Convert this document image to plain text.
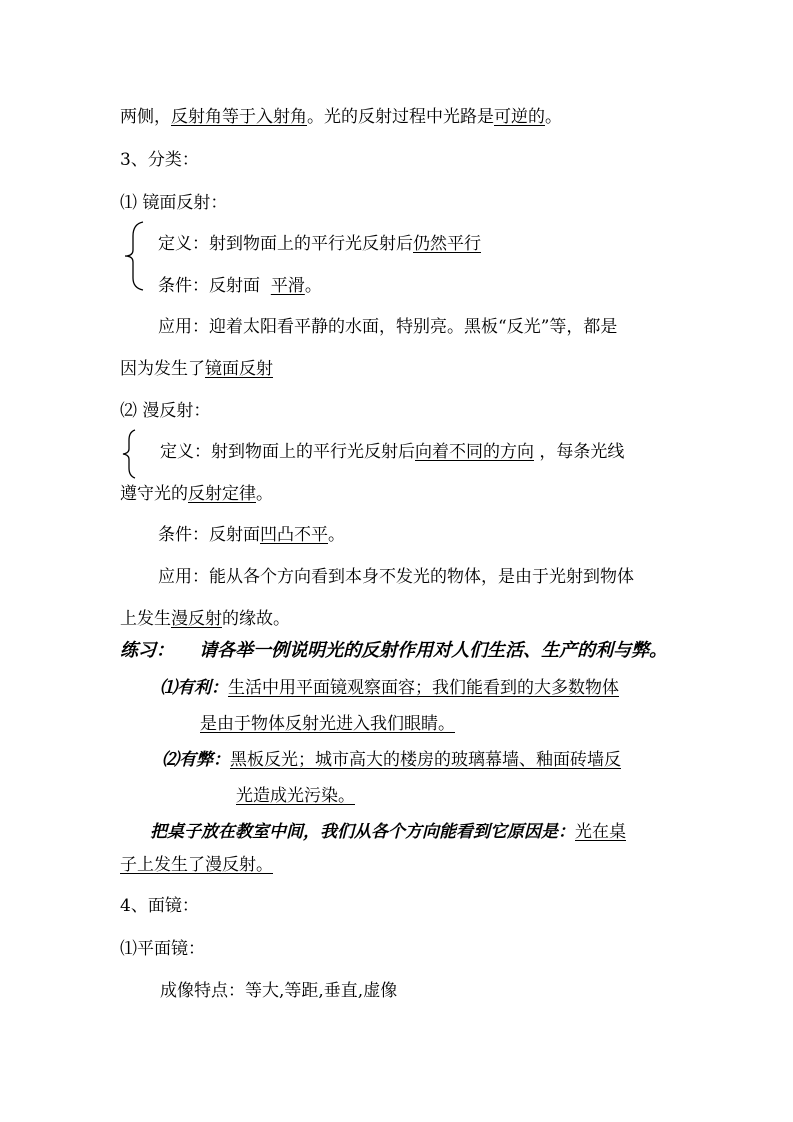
两侧，反射角等于入射角。光的反射过程中光路是可逆的。
3、分类：
⑴ 镜面反射：
定义：射到物面上的平行光反射后仍然平行
条件：反射面  平滑。
应用：迎着太阳看平静的水面，特别亮。黑板“反光”等，都是
因为发生了镜面反射
⑵ 漫反射：
定义：射到物面上的平行光反射后向着不同的方向 ，每条光线
遵守光的反射定律。
条件：反射面凹凸不平。
应用：能从各个方向看到本身不发光的物体，是由于光射到物体
上发生漫反射的缘故。
练习：    请各举一例说明光的反射作用对人们生活、生产的利与弊。
⑴有利：生活中用平面镜观察面容；我们能看到的大多数物体
是由于物体反射光进入我们眼睛。
⑵有弊：黑板反光；城市高大的楼房的玻璃幕墙、釉面砖墙反
光造成光污染。
把桌子放在教室中间，我们从各个方向能看到它原因是：光在桌
子上发生了漫反射。
4、面镜：
⑴平面镜：
成像特点：等大,等距,垂直,虚像
